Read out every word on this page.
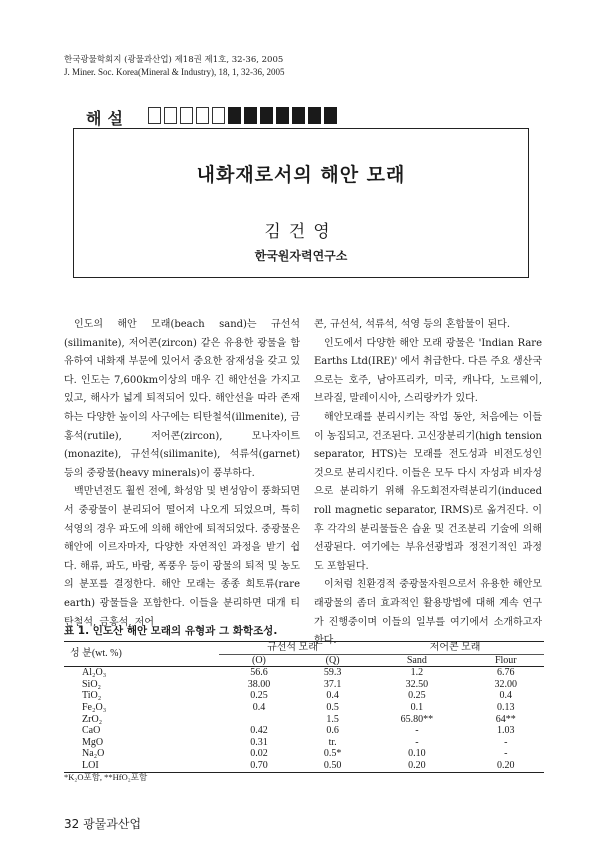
한국광물학회지 (광물과산업) 제18권 제1호, 32-36, 2005
J. Miner. Soc. Korea(Mineral & Industry), 18, 1, 32-36, 2005
해설
내화재로서의 해안 모래
김건영
한국원자력연구소

인도의 해안 모래(beach sand)는 규선석(silimanite), 저어콘(zircon) 같은 유용한 광물을 함유하여 내화재 부문에 있어서 중요한 잠재성을 갖고 있다. 인도는 7,600km이상의 매우 긴 해안선을 가지고 있고, 해사가 넓게 퇴적되어 있다. 해안선을 따라 존재하는 다양한 높이의 사구에는 티탄철석(illmenite), 금홍석(rutile), 저어콘(zircon), 모나자이트(monazite), 규선석(silimanite), 석류석(garnet) 등의 중광물(heavy minerals)이 풍부하다.

백만년전도 훨씬 전에, 화성암 및 변성암이 풍화되면서 중광물이 분리되어 떨어져 나오게 되었으며, 특히 석영의 경우 파도에 의해 해안에 퇴적되었다. 중광물은 해안에 이르자마자, 다양한 자연적인 과정을 받기 쉽다. 해류, 파도, 바람, 폭풍우 등이 광물의 퇴적 및 농도의 분포를 결정한다. 해안 모래는 종종 희토류(rare earth) 광물들을 포함한다. 이들을 분리하면 대개 티탄철석, 금홍석, 저어

콘, 규선석, 석류석, 석영 등의 혼합물이 된다.

인도에서 다양한 해안 모래 광물은 'Indian Rare Earths Ltd(IRE)' 에서 취급한다. 다른 주요 생산국으로는 호주, 남아프리카, 미국, 캐나다, 노르웨이, 브라질, 말레이시아, 스리랑카가 있다.

해안모래를 분리시키는 작업 동안, 처음에는 이들이 농집되고, 건조된다. 고신장분리기(high tension separator, HTS)는 모래를 전도성과 비전도성인 것으로 분리시킨다. 이들은 모두 다시 자성과 비자성으로 분리하기 위해 유도회전자력분리기(induced roll magnetic separator, IRMS)로 옮겨진다. 이후 각각의 분리물들은 습윤 및 건조분리 기술에 의해 선광된다. 여기에는 부유선광법과 정전기적인 과정도 포함된다.

이처럼 친환경적 중광물자원으로서 유용한 해안모래광물의 좀더 효과적인 활용방법에 대해 계속 연구가 진행중이며 이들의 일부를 여기에서 소개하고자 한다.

표 1. 인도산 해안 모래의 유형과 그 화학조성.
성 분(wt. %)	규선석 모래		저어콘 모래	
	(O)	(Q)	Sand	Flour
Al₂O₃	56.6	59.3	1.2	6.76
SiO₂	38.00	37.1	32.50	32.00
TiO₂	0.25	0.4	0.25	0.4
Fe₂O₃	0.4	0.5	0.1	0.13
ZrO₂		1.5	65.80**	64**
CaO	0.42	0.6	-	1.03
MgO	0.31	tr.	-	-
Na₂O	0.02	0.5*	0.10	-
LOI	0.70	0.50	0.20	0.20
*K₂O포함, **HfO₂포함
32 광물과산업
